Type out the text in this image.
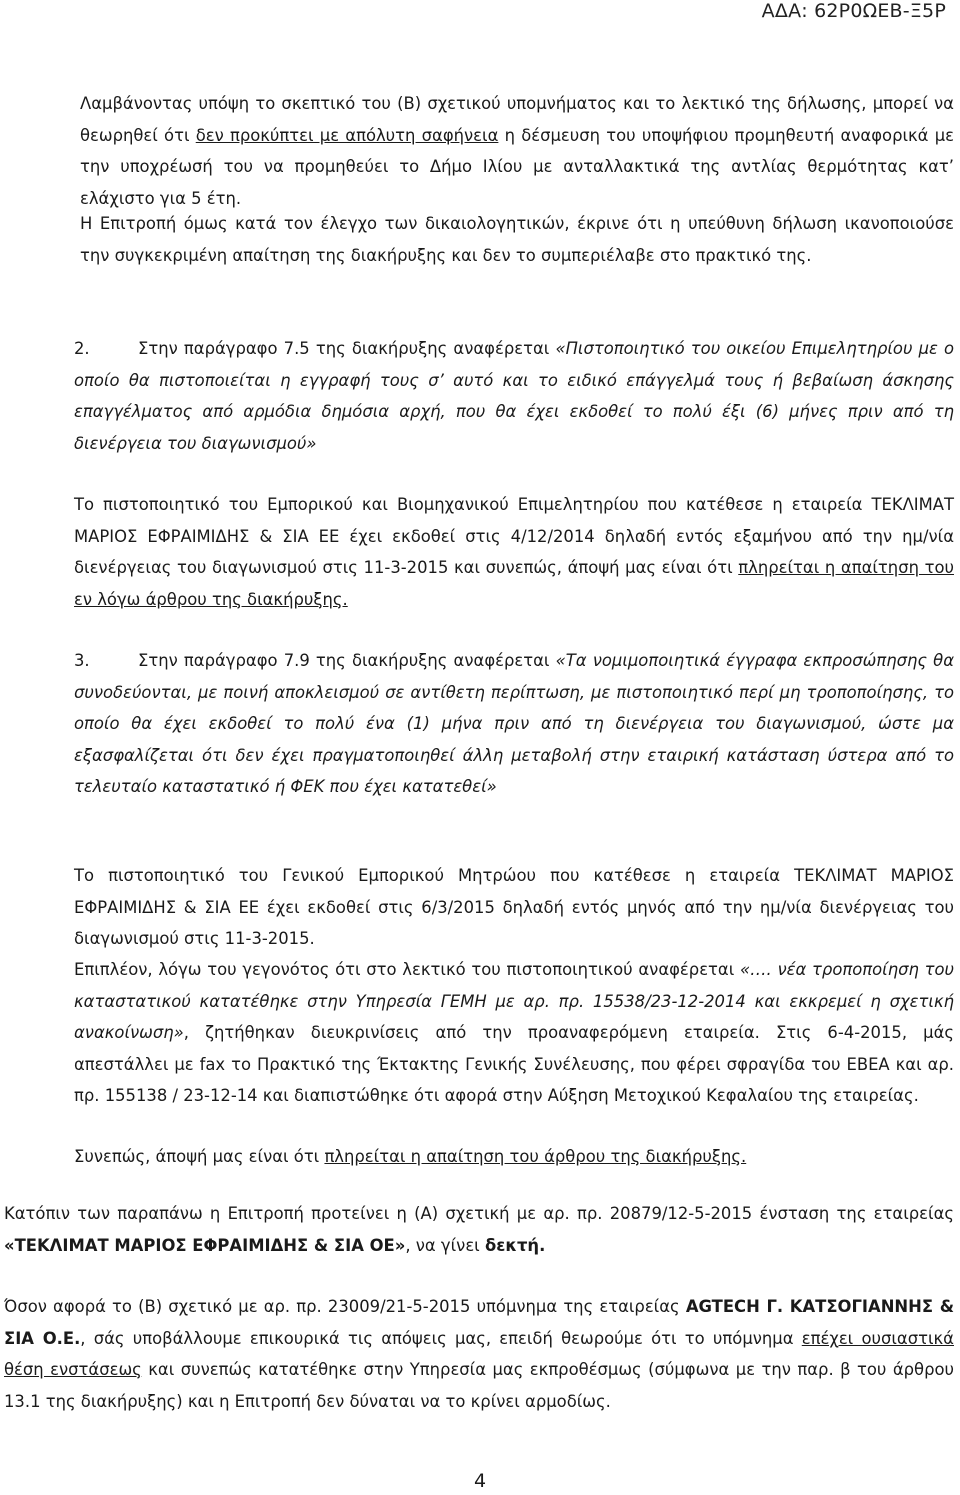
ΑΔΑ: 62Ρ0ΩΕΒ-Ξ5Ρ

Λαμβάνοντας υπόψη το σκεπτικό του (Β) σχετικού υπομνήματος και το λεκτικό της δήλωσης, μπορεί να θεωρηθεί ότι δεν προκύπτει με απόλυτη σαφήνεια η δέσμευση του υποψήφιου προμηθευτή αναφορικά με την υποχρέωσή του να προμηθεύει το Δήμο Ιλίου με ανταλλακτικά της αντλίας θερμότητας κατ’ ελάχιστο για 5 έτη.

Η Επιτροπή όμως κατά τον έλεγχο των δικαιολογητικών, έκρινε ότι η υπεύθυνη δήλωση ικανοποιούσε την συγκεκριμένη απαίτηση της διακήρυξης και δεν το συμπεριέλαβε στο πρακτικό της.

2.	Στην παράγραφο 7.5 της διακήρυξης αναφέρεται «Πιστοποιητικό του οικείου Επιμελητηρίου με ο οποίο θα πιστοποιείται η εγγραφή τους σ’ αυτό και το ειδικό επάγγελμά τους ή βεβαίωση άσκησης επαγγέλματος από αρμόδια δημόσια αρχή, που θα έχει εκδοθεί το πολύ έξι (6) μήνες πριν από τη διενέργεια του διαγωνισμού»

Το πιστοποιητικό του Εμπορικού και Βιομηχανικού Επιμελητηρίου που κατέθεσε η εταιρεία ΤΕΚΛΙΜΑΤ ΜΑΡΙΟΣ ΕΦΡΑΙΜΙΔΗΣ & ΣΙΑ ΕΕ έχει εκδοθεί στις 4/12/2014 δηλαδή εντός εξαμήνου από την ημ/νία διενέργειας του διαγωνισμού στις 11-3-2015 και συνεπώς, άποψή μας είναι ότι πληρείται η απαίτηση του εν λόγω άρθρου της διακήρυξης.

3.	Στην παράγραφο 7.9 της διακήρυξης αναφέρεται «Τα νομιμοποιητικά έγγραφα εκπροσώπησης θα συνοδεύονται, με ποινή αποκλεισμού σε αντίθετη περίπτωση, με πιστοποιητικό περί μη τροποποίησης, το οποίο θα έχει εκδοθεί το πολύ ένα (1) μήνα πριν από τη διενέργεια του διαγωνισμού, ώστε μα εξασφαλίζεται ότι δεν έχει πραγματοποιηθεί άλλη μεταβολή στην εταιρική κατάσταση ύστερα από το τελευταίο καταστατικό ή ΦΕΚ που έχει κατατεθεί»

Το πιστοποιητικό του Γενικού Εμπορικού Μητρώου που κατέθεσε η εταιρεία ΤΕΚΛΙΜΑΤ ΜΑΡΙΟΣ ΕΦΡΑΙΜΙΔΗΣ & ΣΙΑ ΕΕ έχει εκδοθεί στις 6/3/2015 δηλαδή εντός μηνός από την ημ/νία διενέργειας του διαγωνισμού στις 11-3-2015.

Επιπλέον, λόγω του γεγονότος ότι στο λεκτικό του πιστοποιητικού αναφέρεται «…. νέα τροποποίηση του καταστατικού κατατέθηκε στην Υπηρεσία ΓΕΜΗ με αρ. πρ. 15538/23-12-2014 και εκκρεμεί η σχετική ανακοίνωση», ζητήθηκαν διευκρινίσεις από την προαναφερόμενη εταιρεία. Στις 6-4-2015, μάς απεστάλλει με fax το Πρακτικό της Έκτακτης Γενικής Συνέλευσης, που φέρει σφραγίδα του ΕΒΕΑ και αρ. πρ. 155138 / 23-12-14 και διαπιστώθηκε ότι αφορά στην Αύξηση Μετοχικού Κεφαλαίου της εταιρείας.

Συνεπώς, άποψή μας είναι ότι πληρείται η απαίτηση του άρθρου της διακήρυξης.

Κατόπιν των παραπάνω η Επιτροπή προτείνει η (Α) σχετική με αρ. πρ. 20879/12-5-2015 ένσταση της εταιρείας «ΤΕΚΛΙΜΑΤ ΜΑΡΙΟΣ ΕΦΡΑΙΜΙΔΗΣ & ΣΙΑ ΟΕ», να γίνει δεκτή.

Όσον αφορά το (Β) σχετικό με αρ. πρ. 23009/21-5-2015 υπόμνημα της εταιρείας AGTECH Γ. ΚΑΤΣΟΓΙΑΝΝΗΣ & ΣΙΑ Ο.Ε., σάς υποβάλλουμε επικουρικά τις απόψεις μας, επειδή θεωρούμε ότι το υπόμνημα επέχει ουσιαστικά θέση ενστάσεως και συνεπώς κατατέθηκε στην Υπηρεσία μας εκπροθέσμως (σύμφωνα με την παρ. β του άρθρου 13.1 της διακήρυξης) και η Επιτροπή δεν δύναται να το κρίνει αρμοδίως.

4
